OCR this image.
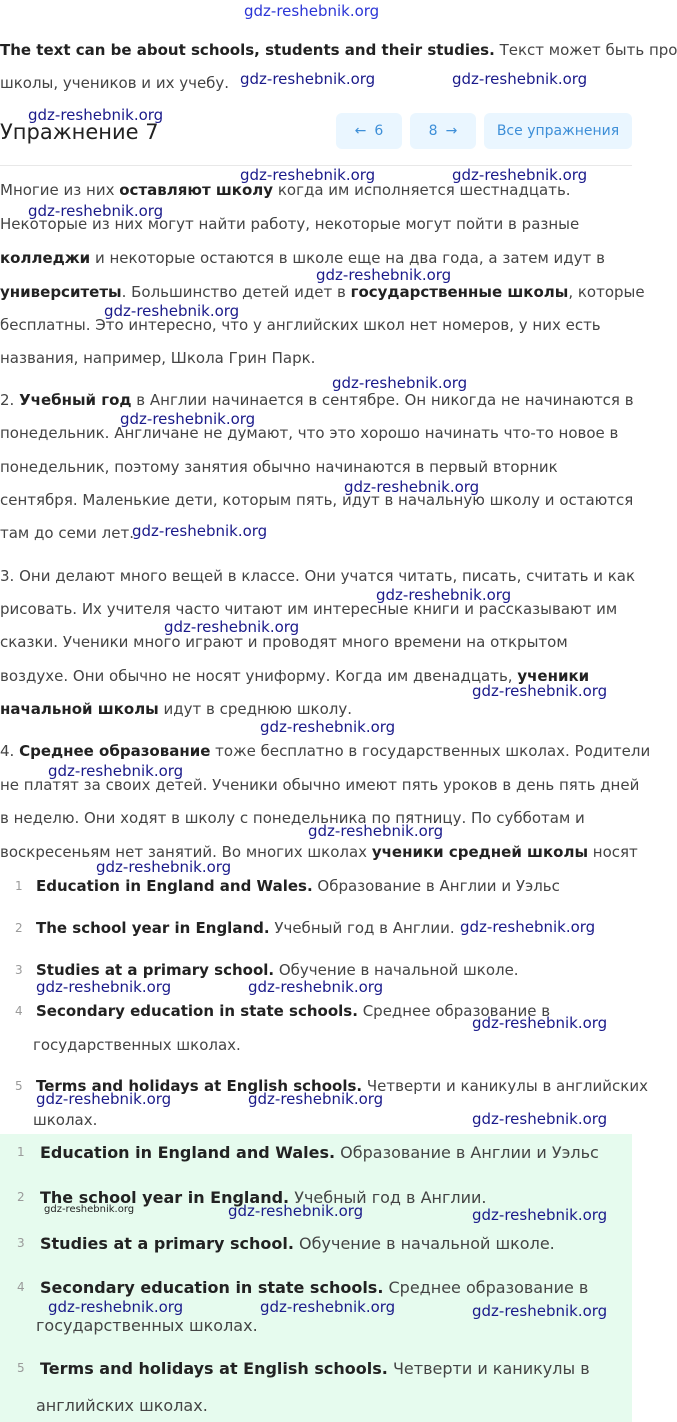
gdz-reshebnik.org

The text can be about schools, students and their studies. Текст может быть про

школы, учеников и их учебу.

Упражнение 7	← 6	8 →	Все упражнения

Многие из них оставляют школу когда им исполняется шестнадцать.

Некоторые из них могут найти работу, некоторые могут пойти в разные

колледжи и некоторые остаются в школе еще на два года, а затем идут в

университеты. Большинство детей идет в государственные школы, которые

бесплатны. Это интересно, что у английских школ нет номеров, у них есть

названия, например, Школа Грин Парк.

2. Учебный год в Англии начинается в сентябре. Он никогда не начинаются в

понедельник. Англичане не думают, что это хорошо начинать что-то новое в

понедельник, поэтому занятия обычно начинаются в первый вторник

сентября. Маленькие дети, которым пять, идут в начальную школу и остаются

там до семи лет.

3. Они делают много вещей в классе. Они учатся читать, писать, считать и как

рисовать. Их учителя часто читают им интересные книги и рассказывают им

сказки. Ученики много играют и проводят много времени на открытом

воздухе. Они обычно не носят униформу. Когда им двенадцать, ученики

начальной школы идут в среднюю школу.

4. Среднее образование тоже бесплатно в государственных школах. Родители

не платят за своих детей. Ученики обычно имеют пять уроков в день пять дней

в неделю. Они ходят в школу с понедельника по пятницу. По субботам и

воскресеньям нет занятий. Во многих школах ученики средней школы носят

1 Education in England and Wales. Образование в Англии и Уэльс
2 The school year in England. Учебный год в Англии.
3 Studies at a primary school. Обучение в начальной школе.
4 Secondary education in state schools. Среднее образование в
государственных школах.
5 Terms and holidays at English schools. Четверти и каникулы в английских
школах.
1 Education in England and Wales. Образование в Англии и Уэльс
2 The school year in England. Учебный год в Англии.
3 Studies at a primary school. Обучение в начальной школе.
4 Secondary education in state schools. Среднее образование в
государственных школах.
5 Terms and holidays at English schools. Четверти и каникулы в
английских школах.
gdz-reshebnik.org	gdz-reshebnik.org
gdz-reshebnik.org
gdz-reshebnik.org	gdz-reshebnik.org
gdz-reshebnik.org
gdz-reshebnik.org
gdz-reshebnik.org
gdz-reshebnik.org
gdz-reshebnik.org
gdz-reshebnik.org
gdz-reshebnik.org
gdz-reshebnik.org
gdz-reshebnik.org
gdz-reshebnik.org
gdz-reshebnik.org
gdz-reshebnik.org
gdz-reshebnik.org
gdz-reshebnik.org
gdz-reshebnik.org
gdz-reshebnik.org	gdz-reshebnik.org
gdz-reshebnik.org
gdz-reshebnik.org	gdz-reshebnik.org
gdz-reshebnik.org
gdz-reshebnik.org	gdz-reshebnik.org
gdz-reshebnik.org	gdz-reshebnik.org	gdz-reshebnik.org
gdz-reshebnik.org
